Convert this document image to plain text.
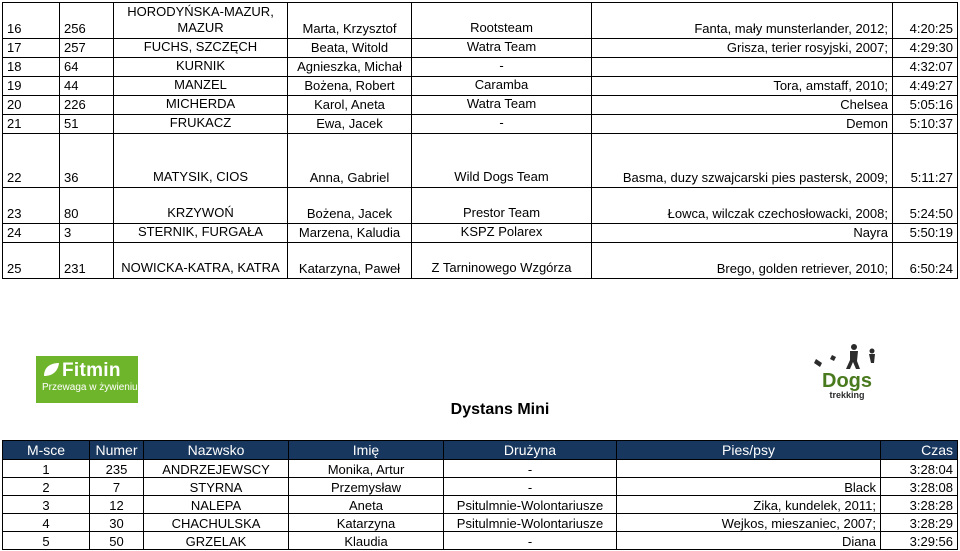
16	256	HORODYŃSKA-MAZUR, MAZUR	Marta, Krzysztof	Rootsteam	Fanta, mały munsterlander, 2012;	4:20:25
17	257	FUCHS, SZCZĘCH	Beata, Witold	Watra Team	Grisza, terier rosyjski, 2007;	4:29:30
18	64	KURNIK	Agnieszka, Michał	-		4:32:07
19	44	MANZEL	Bożena, Robert	Caramba	Tora, amstaff, 2010;	4:49:27
20	226	MICHERDA	Karol, Aneta	Watra Team	Chelsea	5:05:16
21	51	FRUKACZ	Ewa, Jacek	-	Demon	5:10:37
22	36	MATYSIK, CIOS	Anna, Gabriel	Wild Dogs Team	Basma, duzy szwajcarski pies pastersk, 2009;	5:11:27
23	80	KRZYWOŃ	Bożena, Jacek	Prestor Team	Łowca, wilczak czechosłowacki, 2008;	5:24:50
24	3	STERNIK, FURGAŁA	Marzena, Kaludia	KSPZ Polarex	Nayra	5:50:19
25	231	NOWICKA-KATRA, KATRA	Katarzyna, Paweł	Z Tarninowego Wzgórza	Brego, golden retriever, 2010;	6:50:24
Fitmin
Przewaga w żywieniu	Dogs
trekking
Dystans Mini
M-sce	Numer	Nazwsko	Imię	Drużyna	Pies/psy	Czas
1	235	ANDRZEJEWSCY	Monika, Artur	-		3:28:04
2	7	STYRNA	Przemysław	-	Black	3:28:08
3	12	NALEPA	Aneta	Psitulmnie-Wolontariusze	Zika, kundelek, 2011;	3:28:28
4	30	CHACHULSKA	Katarzyna	Psitulmnie-Wolontariusze	Wejkos, mieszaniec, 2007;	3:28:29
5	50	GRZELAK	Klaudia	-	Diana	3:29:56
